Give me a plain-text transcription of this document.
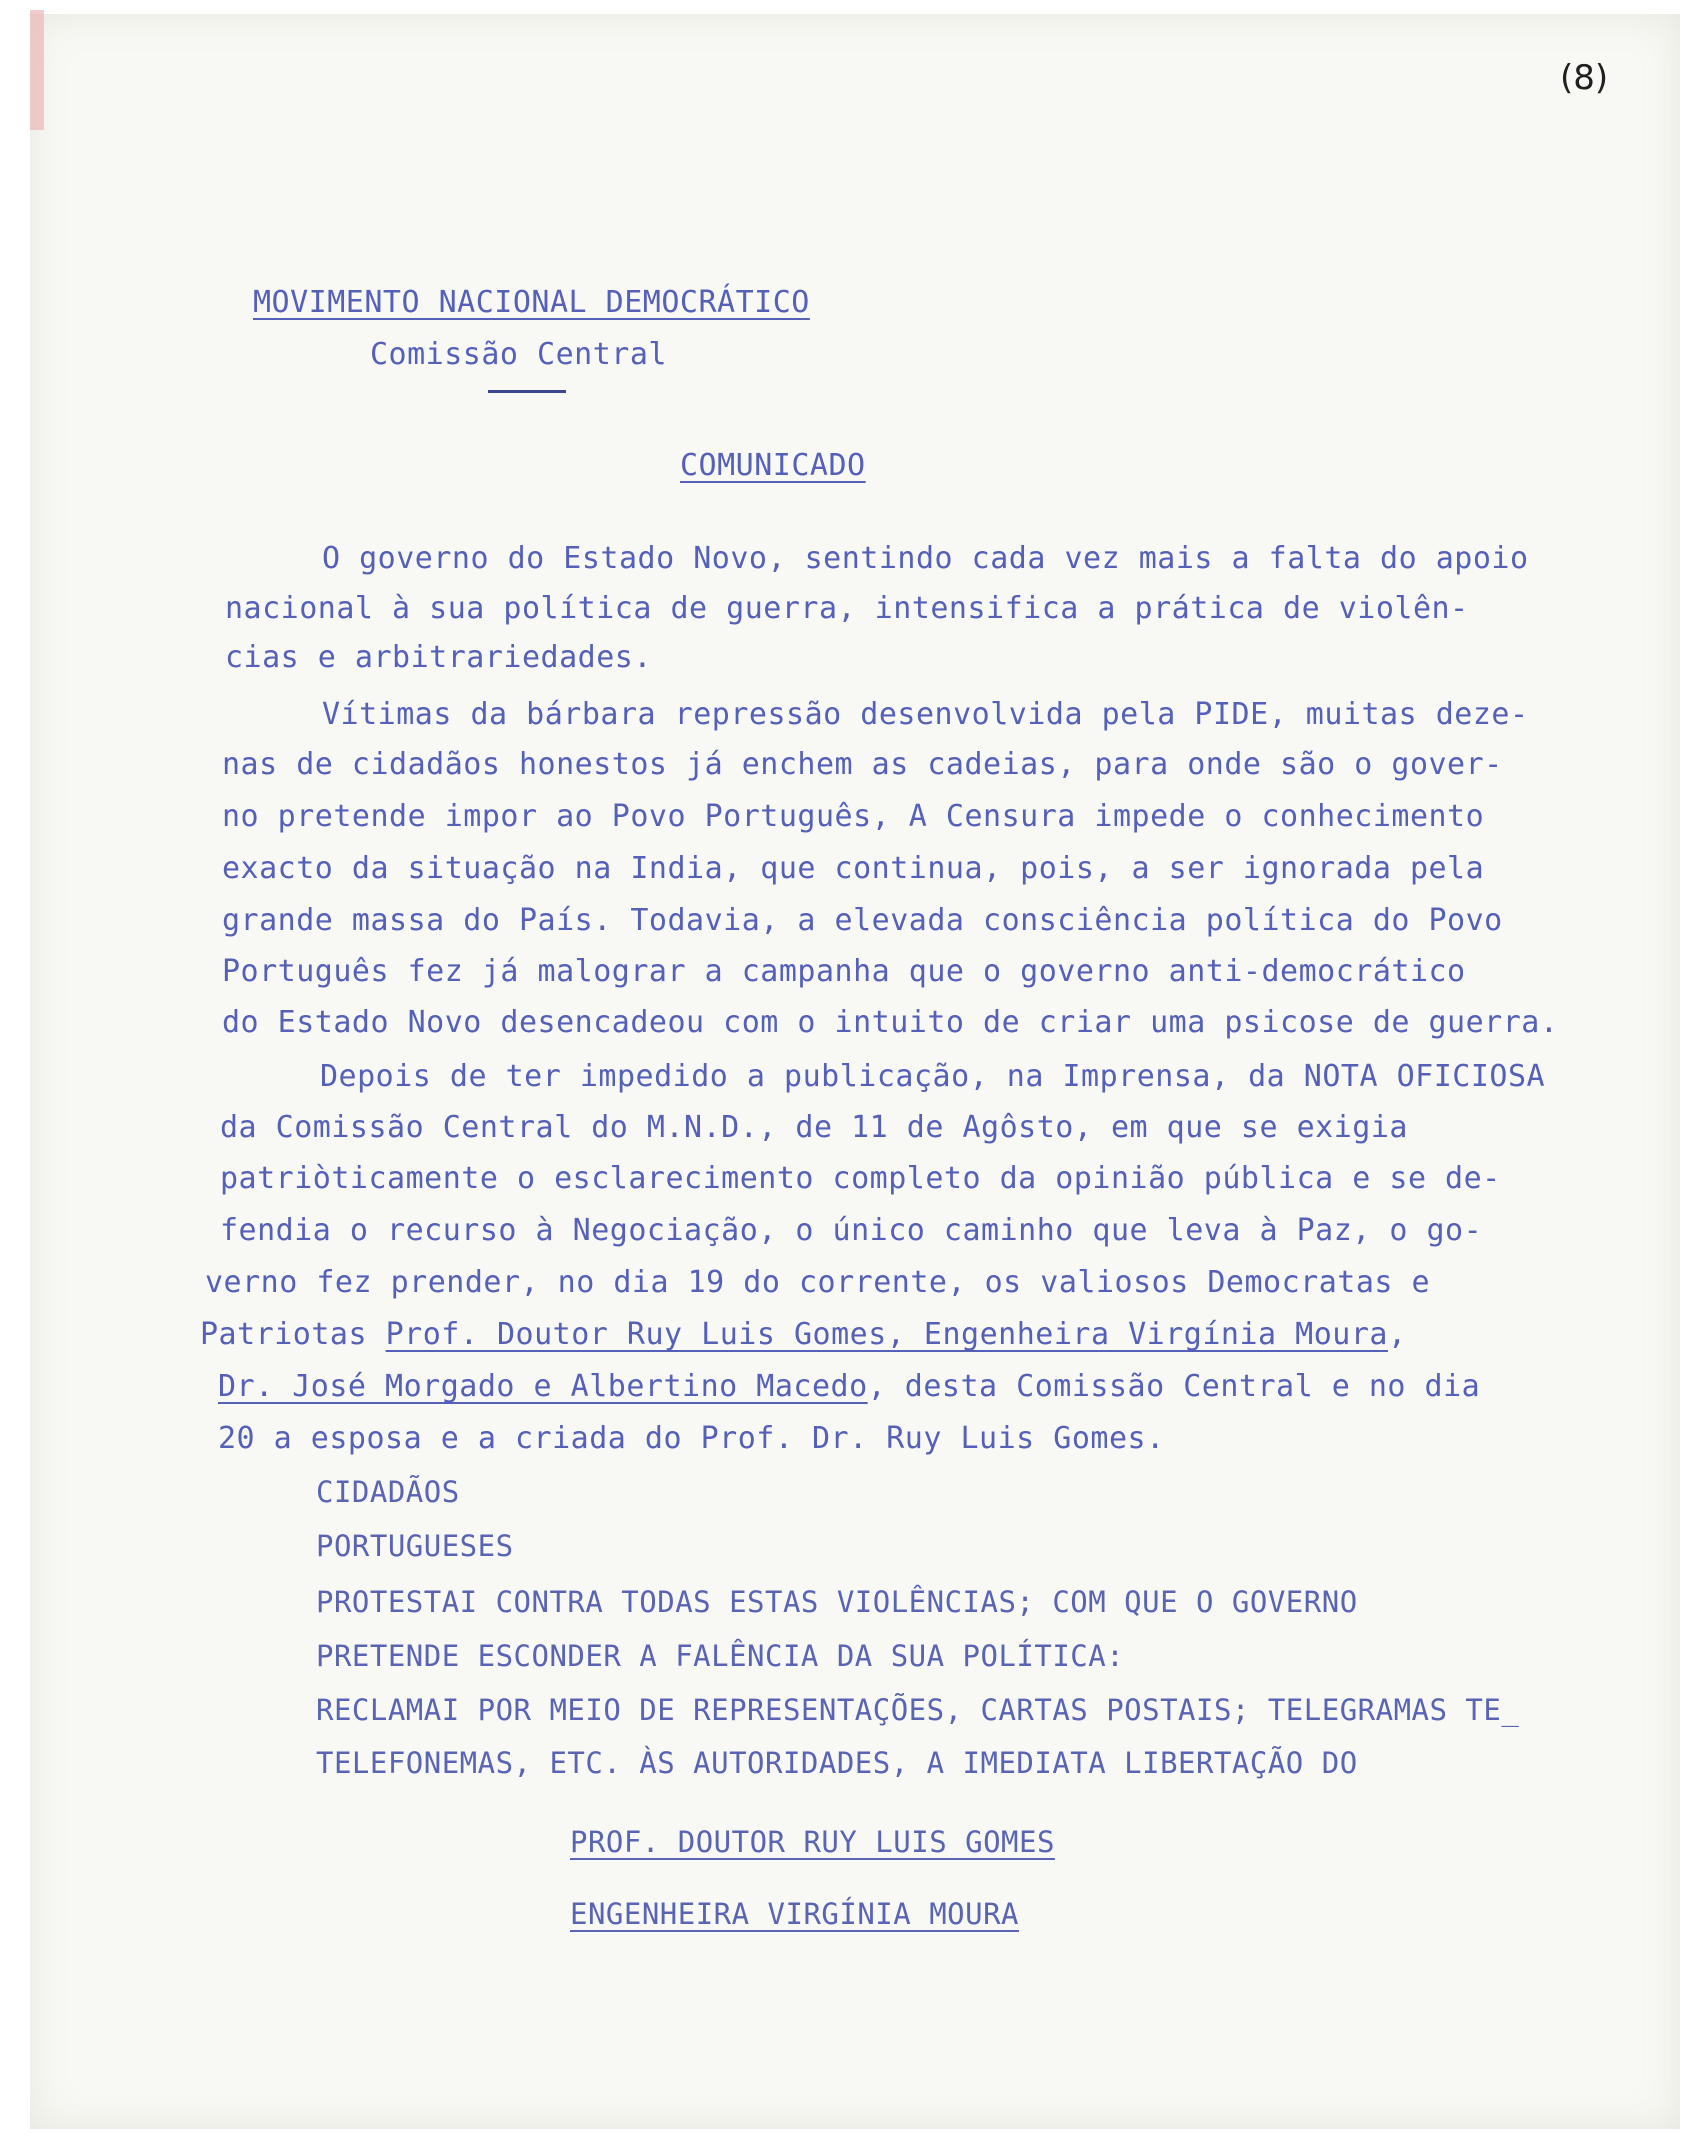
(8)
MOVIMENTO NACIONAL DEMOCRÁTICO
Comissão Central
COMUNICADO
O governo do Estado Novo, sentindo cada vez mais a falta do apoio
nacional à sua política de guerra, intensifica a prática de violên-
cias e arbitrariedades.
Vítimas da bárbara repressão desenvolvida pela PIDE, muitas deze-
nas de cidadãos honestos já enchem as cadeias, para onde são o gover-
no pretende impor ao Povo Português, A Censura impede o conhecimento
exacto da situação na India, que continua, pois, a ser ignorada pela
grande massa do País. Todavia, a elevada consciência política do Povo
Português fez já malograr a campanha que o governo anti-democrático
do Estado Novo desencadeou com o intuito de criar uma psicose de guerra.
Depois de ter impedido a publicação, na Imprensa, da NOTA OFICIOSA
da Comissão Central do M.N.D., de 11 de Agôsto, em que se exigia
patriòticamente o esclarecimento completo da opinião pública e se de-
fendia o recurso à Negociação, o único caminho que leva à Paz, o go-
verno fez prender, no dia 19 do corrente, os valiosos Democratas e
Patriotas Prof. Doutor Ruy Luis Gomes, Engenheira Virgínia Moura,
Dr. José Morgado e Albertino Macedo, desta Comissão Central e no dia
20 a esposa e a criada do Prof. Dr. Ruy Luis Gomes.
CIDADÃOS
PORTUGUESES
PROTESTAI CONTRA TODAS ESTAS VIOLÊNCIAS; COM QUE O GOVERNO
PRETENDE ESCONDER A FALÊNCIA DA SUA POLÍTICA:
RECLAMAI POR MEIO DE REPRESENTAÇÕES, CARTAS POSTAIS; TELEGRAMAS TE_
TELEFONEMAS, ETC. ÀS AUTORIDADES, A IMEDIATA LIBERTAÇÃO DO
PROF. DOUTOR RUY LUIS GOMES
ENGENHEIRA VIRGÍNIA MOURA
